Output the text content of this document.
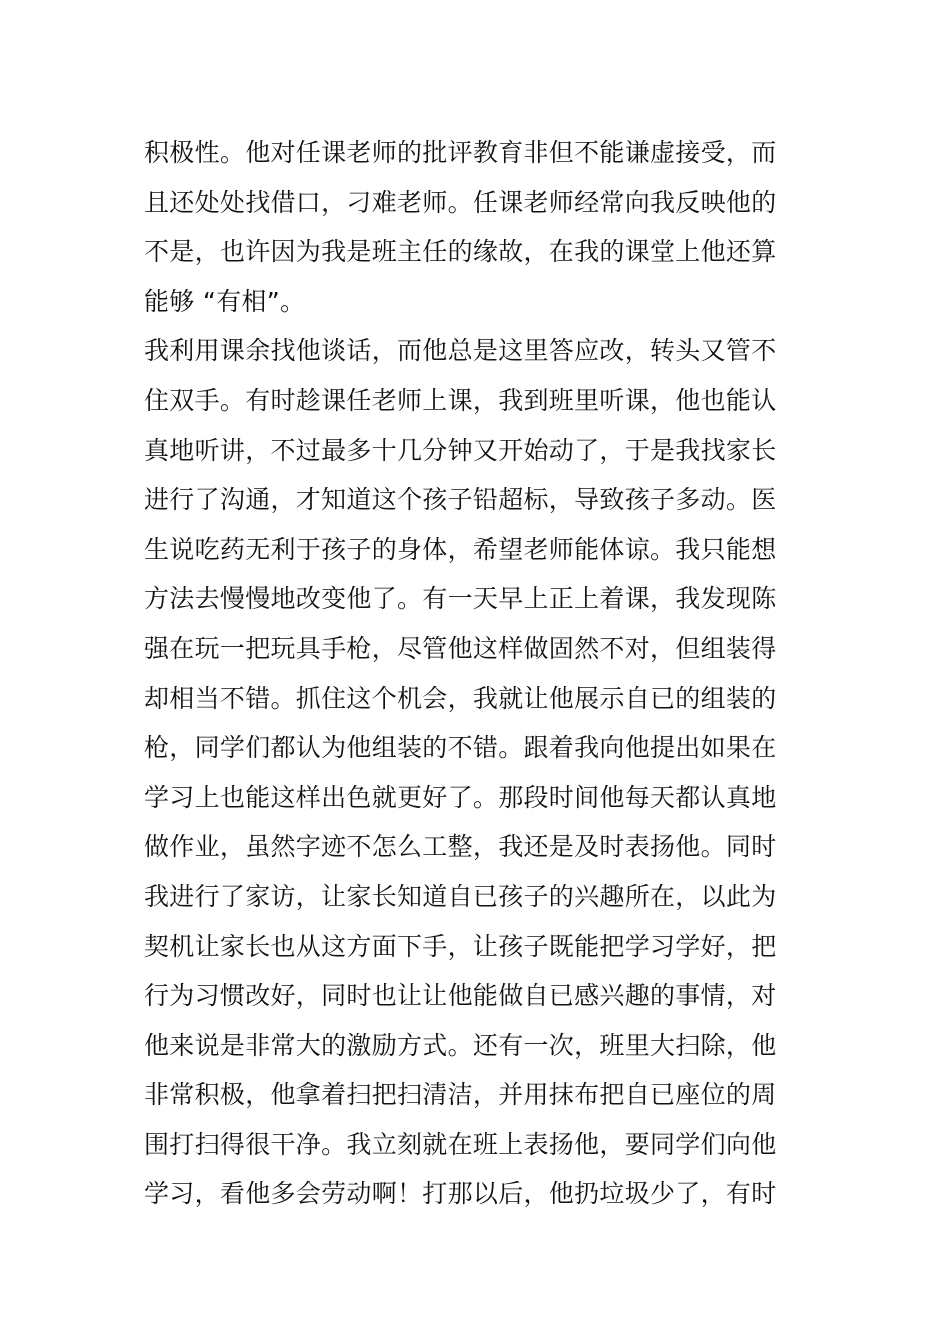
积极性。他对任课老师的批评教育非但不能谦虚接受，而
且还处处找借口，刁难老师。任课老师经常向我反映他的
不是，也许因为我是班主任的缘故，在我的课堂上他还算
能够 “有相”。
我利用课余找他谈话，而他总是这里答应改，转头又管不
住双手。有时趁课任老师上课，我到班里听课，他也能认
真地听讲，不过最多十几分钟又开始动了，于是我找家长
进行了沟通，才知道这个孩子铅超标，导致孩子多动。医
生说吃药无利于孩子的身体，希望老师能体谅。我只能想
方法去慢慢地改变他了。有一天早上正上着课，我发现陈
强在玩一把玩具手枪，尽管他这样做固然不对，但组装得
却相当不错。抓住这个机会，我就让他展示自已的组装的
枪，同学们都认为他组装的不错。跟着我向他提出如果在
学习上也能这样出色就更好了。那段时间他每天都认真地
做作业，虽然字迹不怎么工整，我还是及时表扬他。同时
我进行了家访，让家长知道自已孩子的兴趣所在，以此为
契机让家长也从这方面下手，让孩子既能把学习学好，把
行为习惯改好，同时也让让他能做自已感兴趣的事情，对
他来说是非常大的激励方式。还有一次，班里大扫除，他
非常积极，他拿着扫把扫清洁，并用抹布把自已座位的周
围打扫得很干净。我立刻就在班上表扬他，要同学们向他
学习，看他多会劳动啊！打那以后，他扔垃圾少了，有时
